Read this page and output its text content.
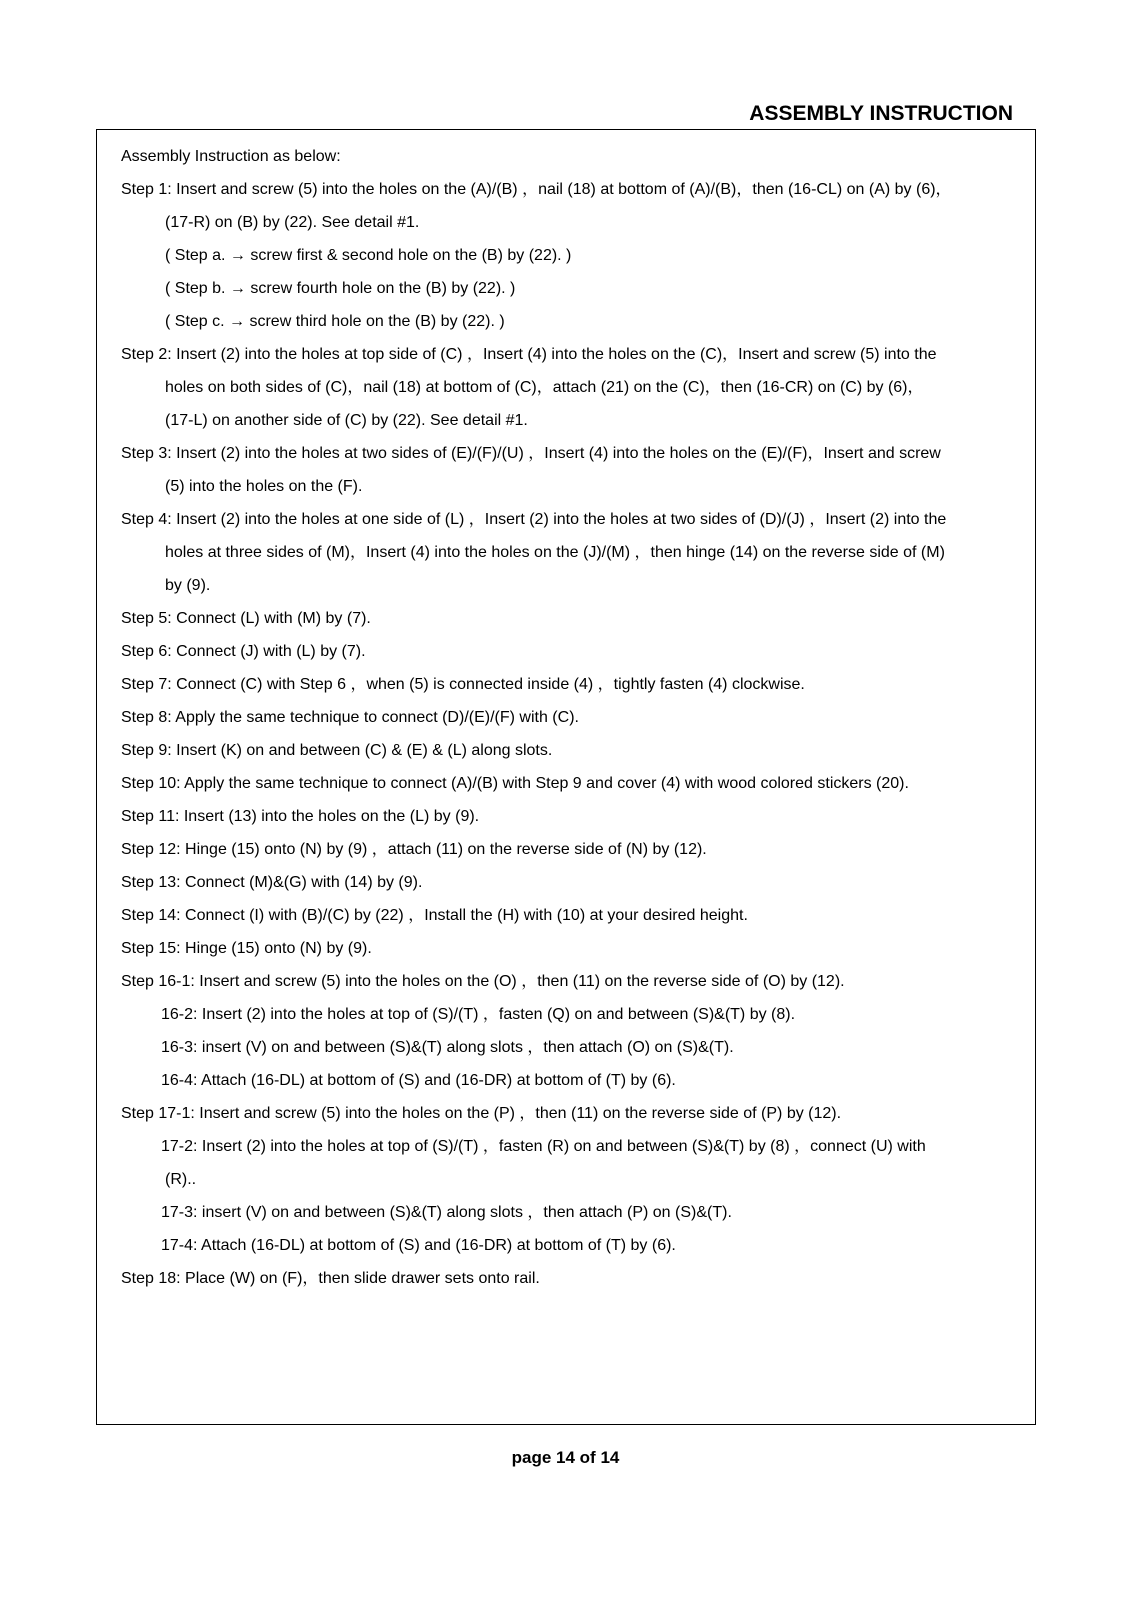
ASSEMBLY INSTRUCTION
Assembly Instruction as below:
Step 1: Insert and screw (5) into the holes on the (A)/(B) ，nail (18) at bottom of (A)/(B)，then (16-CL) on (A) by (6)，
(17-R) on (B) by (22). See detail #1.
( Step a. → screw first & second hole on the (B) by (22). )
( Step b. → screw fourth hole on the (B) by (22). )
( Step c. → screw third hole on the (B) by (22). )
Step 2: Insert (2) into the holes at top side of (C) ，Insert (4) into the holes on the (C)，Insert and screw (5) into the
holes on both sides of (C)，nail (18) at bottom of (C)，attach (21) on the (C)，then (16-CR) on (C) by (6)，
(17-L) on another side of (C) by (22). See detail #1.
Step 3: Insert (2) into the holes at two sides of (E)/(F)/(U) ，Insert (4) into the holes on the (E)/(F)，Insert and screw
(5) into the holes on the (F).
Step 4: Insert (2) into the holes at one side of (L) ，Insert (2) into the holes at two sides of (D)/(J) ，Insert (2) into the
holes at three sides of (M)，Insert (4) into the holes on the (J)/(M) ，then hinge (14) on the reverse side of (M)
by (9).
Step 5: Connect (L) with (M) by (7).
Step 6: Connect (J) with (L) by (7).
Step 7: Connect (C) with Step 6 ，when (5) is connected inside (4) ，tightly fasten (4) clockwise.
Step 8: Apply the same technique to connect (D)/(E)/(F) with (C).
Step 9: Insert (K) on and between (C) & (E) & (L) along slots.
Step 10: Apply the same technique to connect (A)/(B) with Step 9 and cover (4) with wood colored stickers (20).
Step 11: Insert (13) into the holes on the (L) by (9).
Step 12: Hinge (15) onto (N) by (9) ，attach (11) on the reverse side of (N) by (12).
Step 13: Connect (M)&(G) with (14) by (9).
Step 14: Connect (I) with (B)/(C) by (22) ，Install the (H) with (10) at your desired height.
Step 15: Hinge (15) onto (N) by (9).
Step 16-1: Insert and screw (5) into the holes on the (O) ，then (11) on the reverse side of (O) by (12).
16-2: Insert (2) into the holes at top of (S)/(T) ，fasten (Q) on and between (S)&(T) by (8).
16-3: insert (V) on and between (S)&(T) along slots ，then attach (O) on (S)&(T).
16-4: Attach (16-DL) at bottom of (S) and (16-DR) at bottom of (T) by (6).
Step 17-1: Insert and screw (5) into the holes on the (P) ，then (11) on the reverse side of (P) by (12).
17-2: Insert (2) into the holes at top of (S)/(T) ，fasten (R) on and between (S)&(T) by (8) ，connect (U) with
(R)..
17-3: insert (V) on and between (S)&(T) along slots ，then attach (P) on (S)&(T).
17-4: Attach (16-DL) at bottom of (S) and (16-DR) at bottom of (T) by (6).
Step 18: Place (W) on (F)，then slide drawer sets onto rail.
page 14 of 14
